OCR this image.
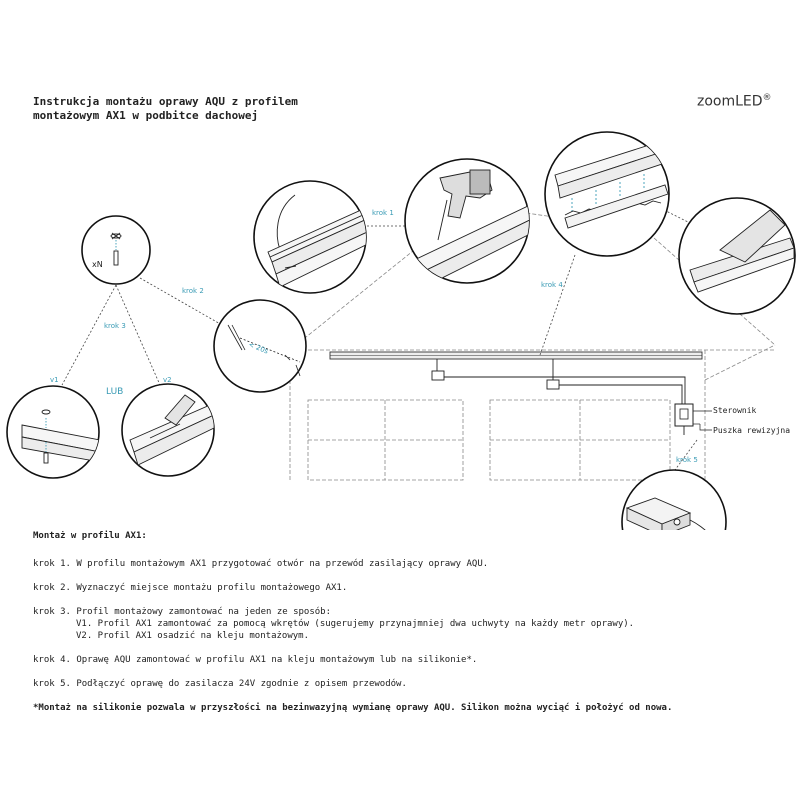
Instrukcja montażu oprawy AQU z profilem
montażowym AX1 w podbitce dachowej
zoomLED®
Sterownik
Puszka rewizyjna
krok 1
krok 2
krok 3
krok 4
krok 5
v1	v2
LUB
xN
< 20s
Montaż w profilu AX1:
krok 1. W profilu montażowym AX1 przygotować otwór na przewód zasilający oprawy AQU.
krok 2. Wyznaczyć miejsce montażu profilu montażowego AX1.
krok 3. Profil montażowy zamontować na jeden ze sposób:
V1. Profil AX1 zamontować za pomocą wkrętów (sugerujemy przynajmniej dwa uchwyty na każdy metr oprawy).
V2. Profil AX1 osadzić na kleju montażowym.
krok 4. Oprawę AQU zamontować w profilu AX1 na kleju montażowym lub na silikonie*.
krok 5. Podłączyć oprawę do zasilacza 24V zgodnie z opisem przewodów.
*Montaż na silikonie pozwala w przyszłości na bezinwazyjną wymianę oprawy AQU. Silikon można wyciąć i położyć od nowa.
